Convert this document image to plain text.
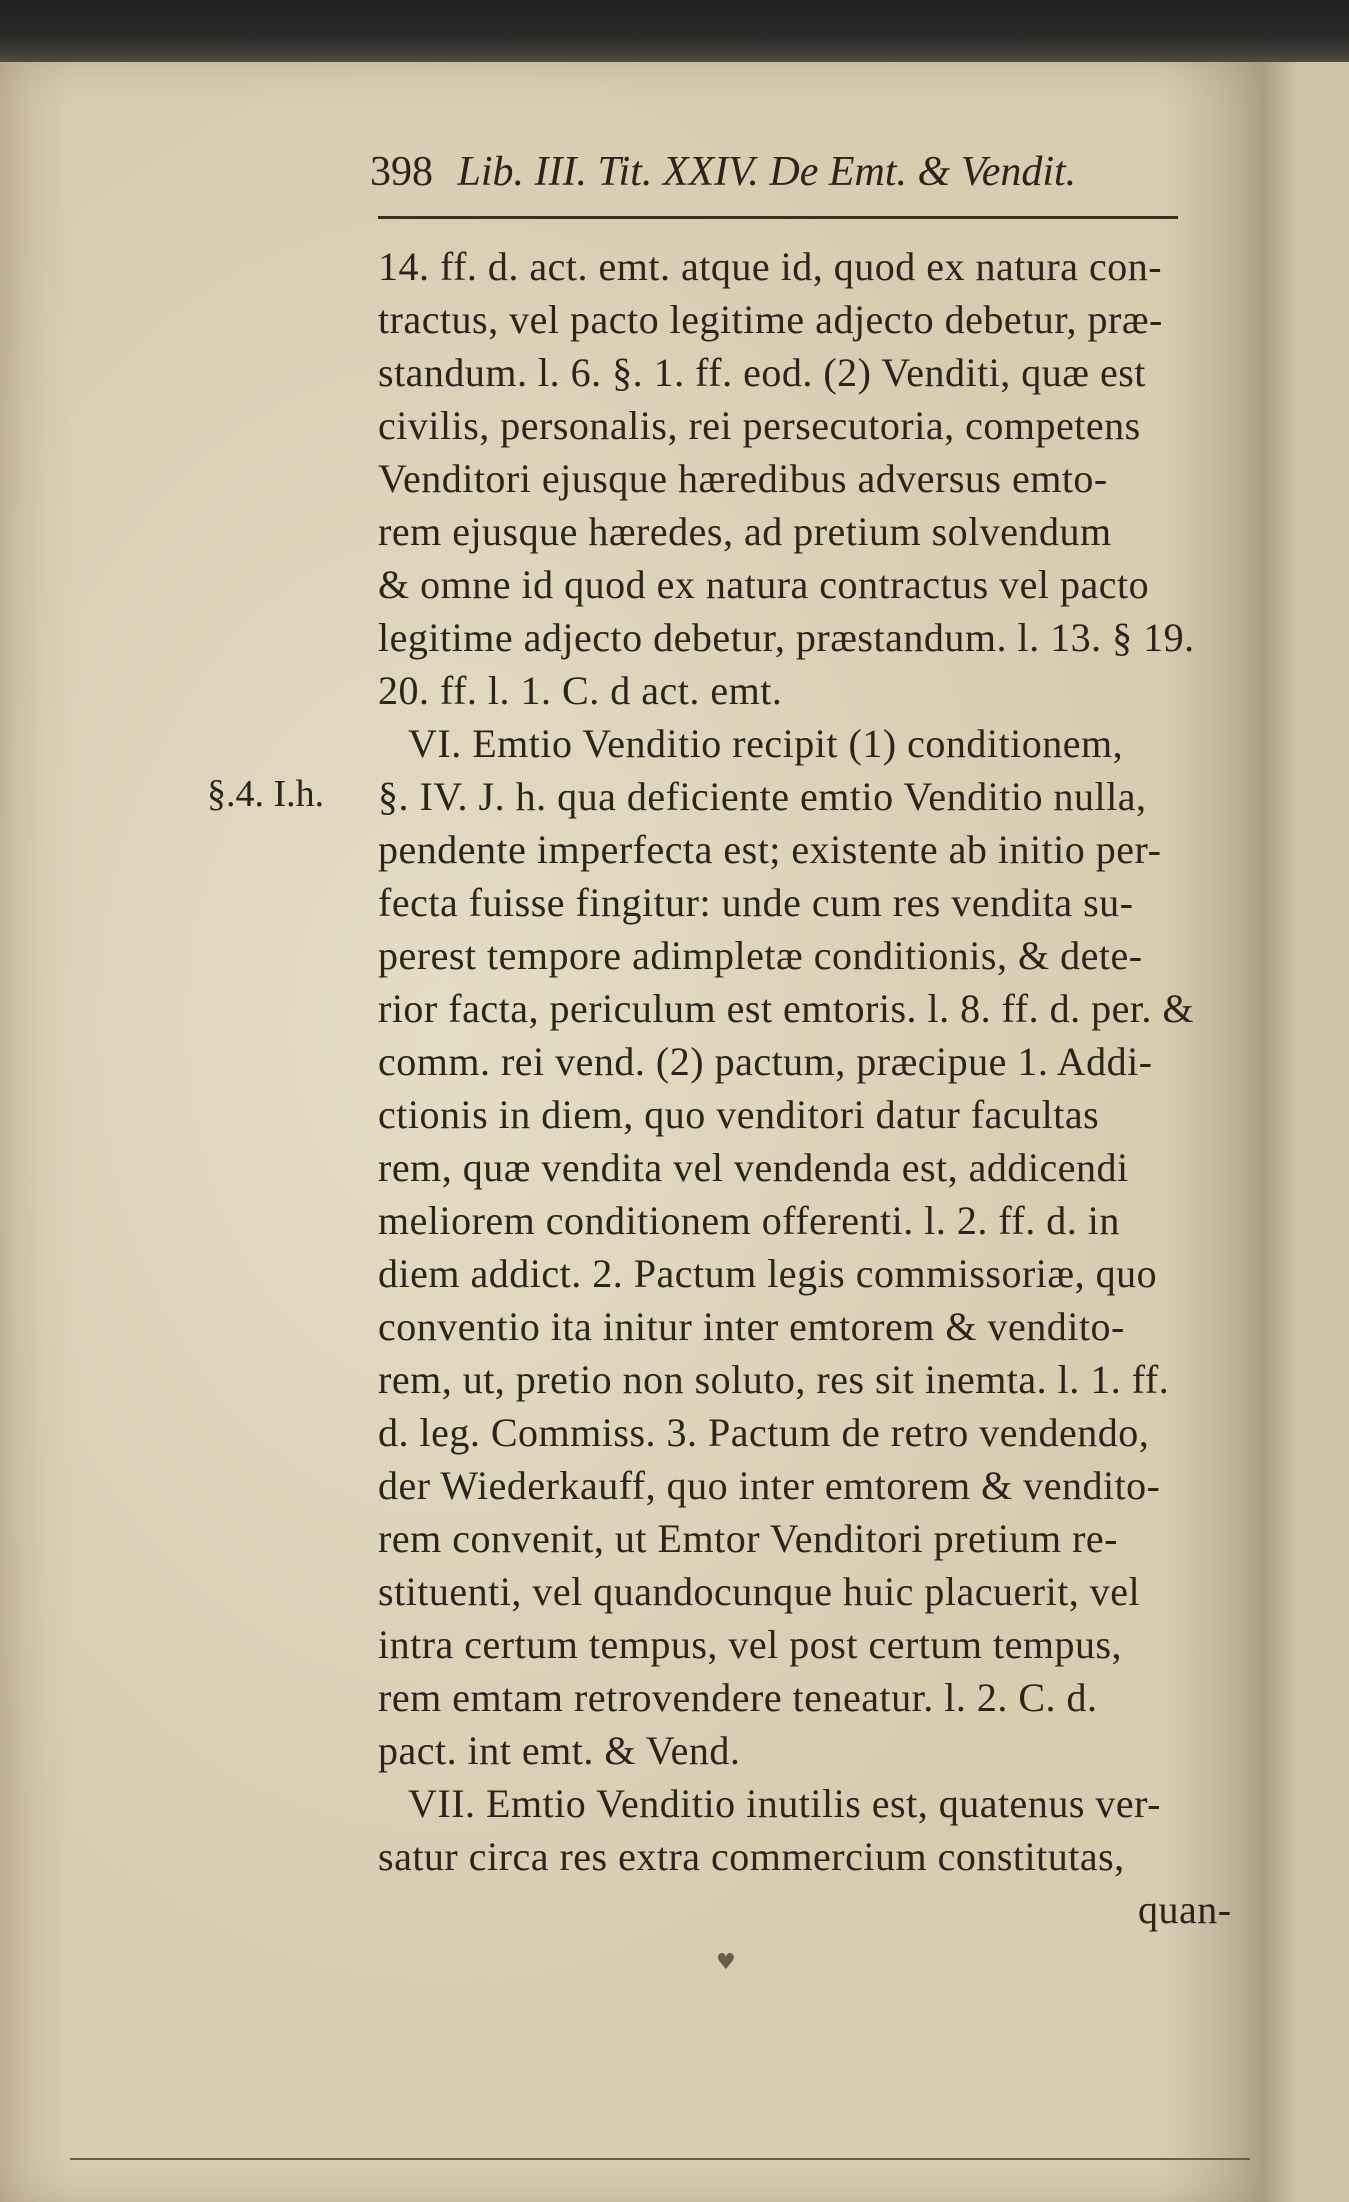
398 Lib. III. Tit. XXIV. De Emt. & Vendit.
§.4. I.h.
14. ff. d. act. emt. atque id, quod ex natura con-
tractus, vel pacto legitime adjecto debetur, præ-
standum. l. 6. §. 1. ff. eod. (2) Venditi, quæ est
civilis, personalis, rei persecutoria, competens
Venditori ejusque hæredibus adversus emto-
rem ejusque hæredes, ad pretium solvendum
& omne id quod ex natura contractus vel pacto
legitime adjecto debetur, præstandum. l. 13. § 19.
20. ff. l. 1. C. d act. emt.
VI. Emtio Venditio recipit (1) conditionem,
§. IV. J. h. qua deficiente emtio Venditio nulla,
pendente imperfecta est; existente ab initio per-
fecta fuisse fingitur: unde cum res vendita su-
perest tempore adimpletæ conditionis, & dete-
rior facta, periculum est emtoris. l. 8. ff. d. per. &
comm. rei vend. (2) pactum, præcipue 1. Addi-
ctionis in diem, quo venditori datur facultas
rem, quæ vendita vel vendenda est, addicendi
meliorem conditionem offerenti. l. 2. ff. d. in
diem addict. 2. Pactum legis commissoriæ, quo
conventio ita initur inter emtorem & vendito-
rem, ut, pretio non soluto, res sit inemta. l. 1. ff.
d. leg. Commiss. 3. Pactum de retro vendendo,
der Wiederkauff, quo inter emtorem & vendito-
rem convenit, ut Emtor Venditori pretium re-
stituenti, vel quandocunque huic placuerit, vel
intra certum tempus, vel post certum tempus,
rem emtam retrovendere teneatur. l. 2. C. d.
pact. int emt. & Vend.
VII. Emtio Venditio inutilis est, quatenus ver-
satur circa res extra commercium constitutas,
quan-
♥
